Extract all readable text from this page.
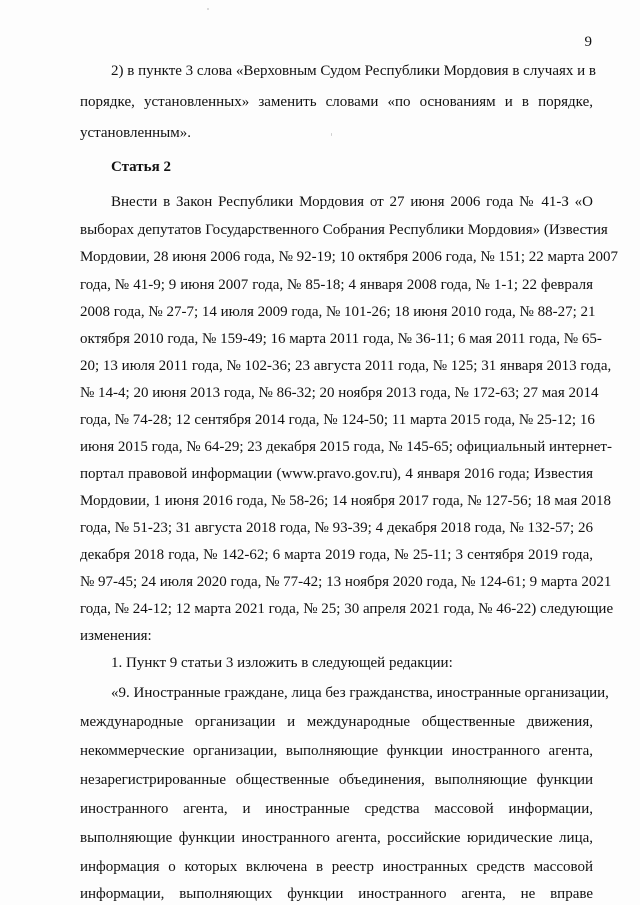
9
2) в пункте 3 слова «Верховным Судом Республики Мордовия в случаях и в
порядке, установленных» заменить словами «по основаниям и в порядке,
установленным».
Статья 2
Внести в Закон Республики Мордовия от 27 июня 2006 года № 41-З «О
выборах депутатов Государственного Собрания Республики Мордовия» (Известия
Мордовии, 28 июня 2006 года, № 92-19; 10 октября 2006 года, № 151; 22 марта 2007
года, № 41-9; 9 июня 2007 года, № 85-18; 4 января 2008 года, № 1-1; 22 февраля
2008 года, № 27-7; 14 июля 2009 года, № 101-26; 18 июня 2010 года, № 88-27; 21
октября 2010 года, № 159-49; 16 марта 2011 года, № 36-11; 6 мая 2011 года, № 65-
20; 13 июля 2011 года, № 102-36; 23 августа 2011 года, № 125; 31 января 2013 года,
№ 14-4; 20 июня 2013 года, № 86-32; 20 ноября 2013 года, № 172-63; 27 мая 2014
года, № 74-28; 12 сентября 2014 года, № 124-50; 11 марта 2015 года, № 25-12; 16
июня 2015 года, № 64-29; 23 декабря 2015 года, № 145-65; официальный интернет-
портал правовой информации (www.pravo.gov.ru), 4 января 2016 года; Известия
Мордовии, 1 июня 2016 года, № 58-26; 14 ноября 2017 года, № 127-56; 18 мая 2018
года, № 51-23; 31 августа 2018 года, № 93-39; 4 декабря 2018 года, № 132-57; 26
декабря 2018 года, № 142-62; 6 марта 2019 года, № 25-11; 3 сентября 2019 года,
№ 97-45; 24 июля 2020 года, № 77-42; 13 ноября 2020 года, № 124-61; 9 марта 2021
года, № 24-12; 12 марта 2021 года, № 25; 30 апреля 2021 года, № 46-22) следующие
изменения:
1. Пункт 9 статьи 3 изложить в следующей редакции:
«9. Иностранные граждане, лица без гражданства, иностранные организации,
международные организации и международные общественные движения,
некоммерческие организации, выполняющие функции иностранного агента,
незарегистрированные общественные объединения, выполняющие функции
иностранного агента, и иностранные средства массовой информации,
выполняющие функции иностранного агента, российские юридические лица,
информация о которых включена в реестр иностранных средств массовой
информации, выполняющих функции иностранного агента, не вправе
